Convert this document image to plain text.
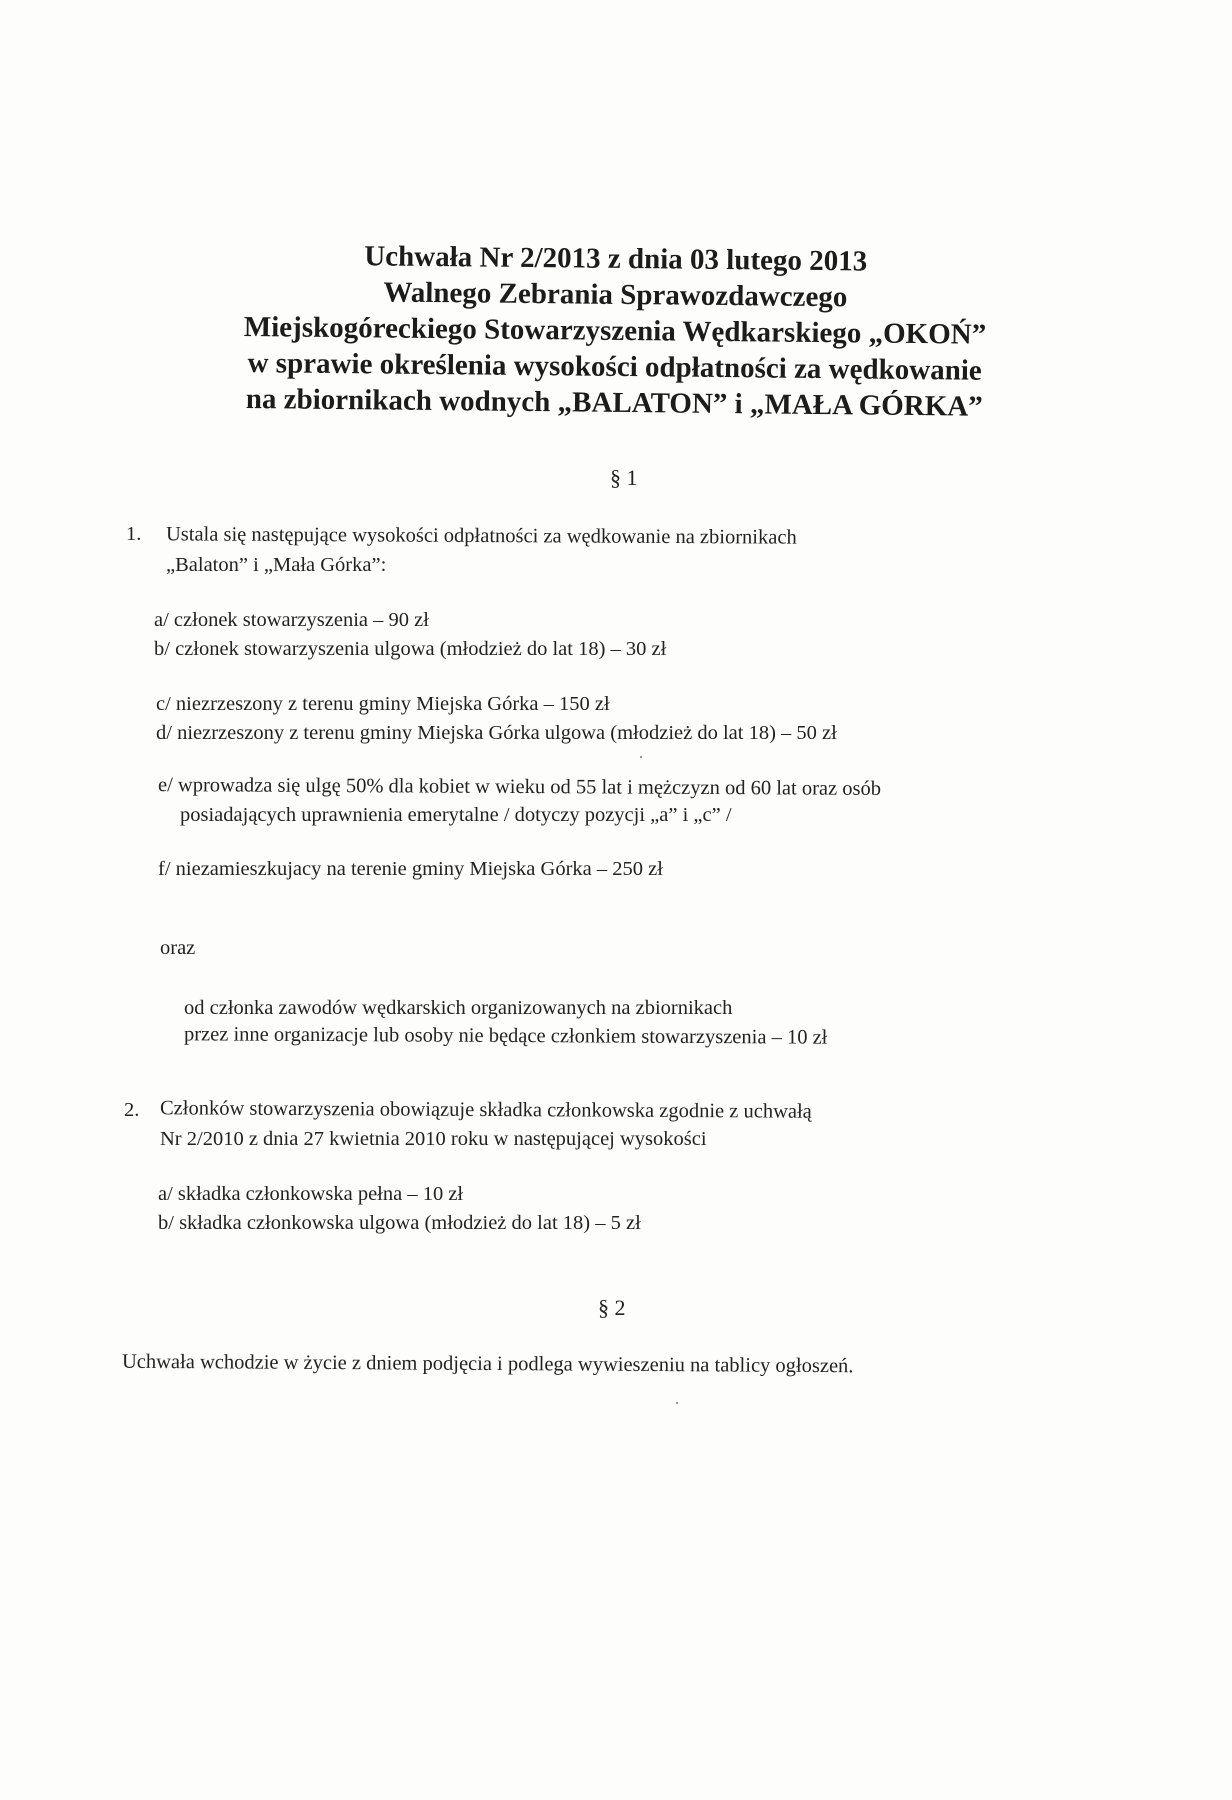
Uchwała Nr 2/2013 z dnia 03 lutego 2013
Walnego Zebrania Sprawozdawczego
Miejskogóreckiego Stowarzyszenia Wędkarskiego „OKOŃ”
w sprawie określenia wysokości odpłatności za wędkowanie
na zbiornikach wodnych „BALATON” i „MAŁA GÓRKA”
§ 1
1. Ustala się następujące wysokości odpłatności za wędkowanie na zbiornikach
„Balaton” i „Mała Górka”:
a/ członek stowarzyszenia – 90 zł
b/ członek stowarzyszenia ulgowa (młodzież do lat 18) – 30 zł
c/ niezrzeszony z terenu gminy Miejska Górka – 150 zł
d/ niezrzeszony z terenu gminy Miejska Górka ulgowa (młodzież do lat 18) – 50 zł
e/ wprowadza się ulgę 50% dla kobiet w wieku od 55 lat i mężczyzn od 60 lat oraz osób
posiadających uprawnienia emerytalne / dotyczy pozycji „a” i „c” /
f/ niezamieszkujacy na terenie gminy Miejska Górka – 250 zł
oraz
od członka zawodów wędkarskich organizowanych na zbiornikach
przez inne organizacje lub osoby nie będące członkiem stowarzyszenia – 10 zł
2. Członków stowarzyszenia obowiązuje składka członkowska zgodnie z uchwałą
Nr 2/2010 z dnia 27 kwietnia 2010 roku w następującej wysokości
a/ składka członkowska pełna – 10 zł
b/ składka członkowska ulgowa (młodzież do lat 18) – 5 zł
§ 2
Uchwała wchodzie w życie z dniem podjęcia i podlega wywieszeniu na tablicy ogłoszeń.
